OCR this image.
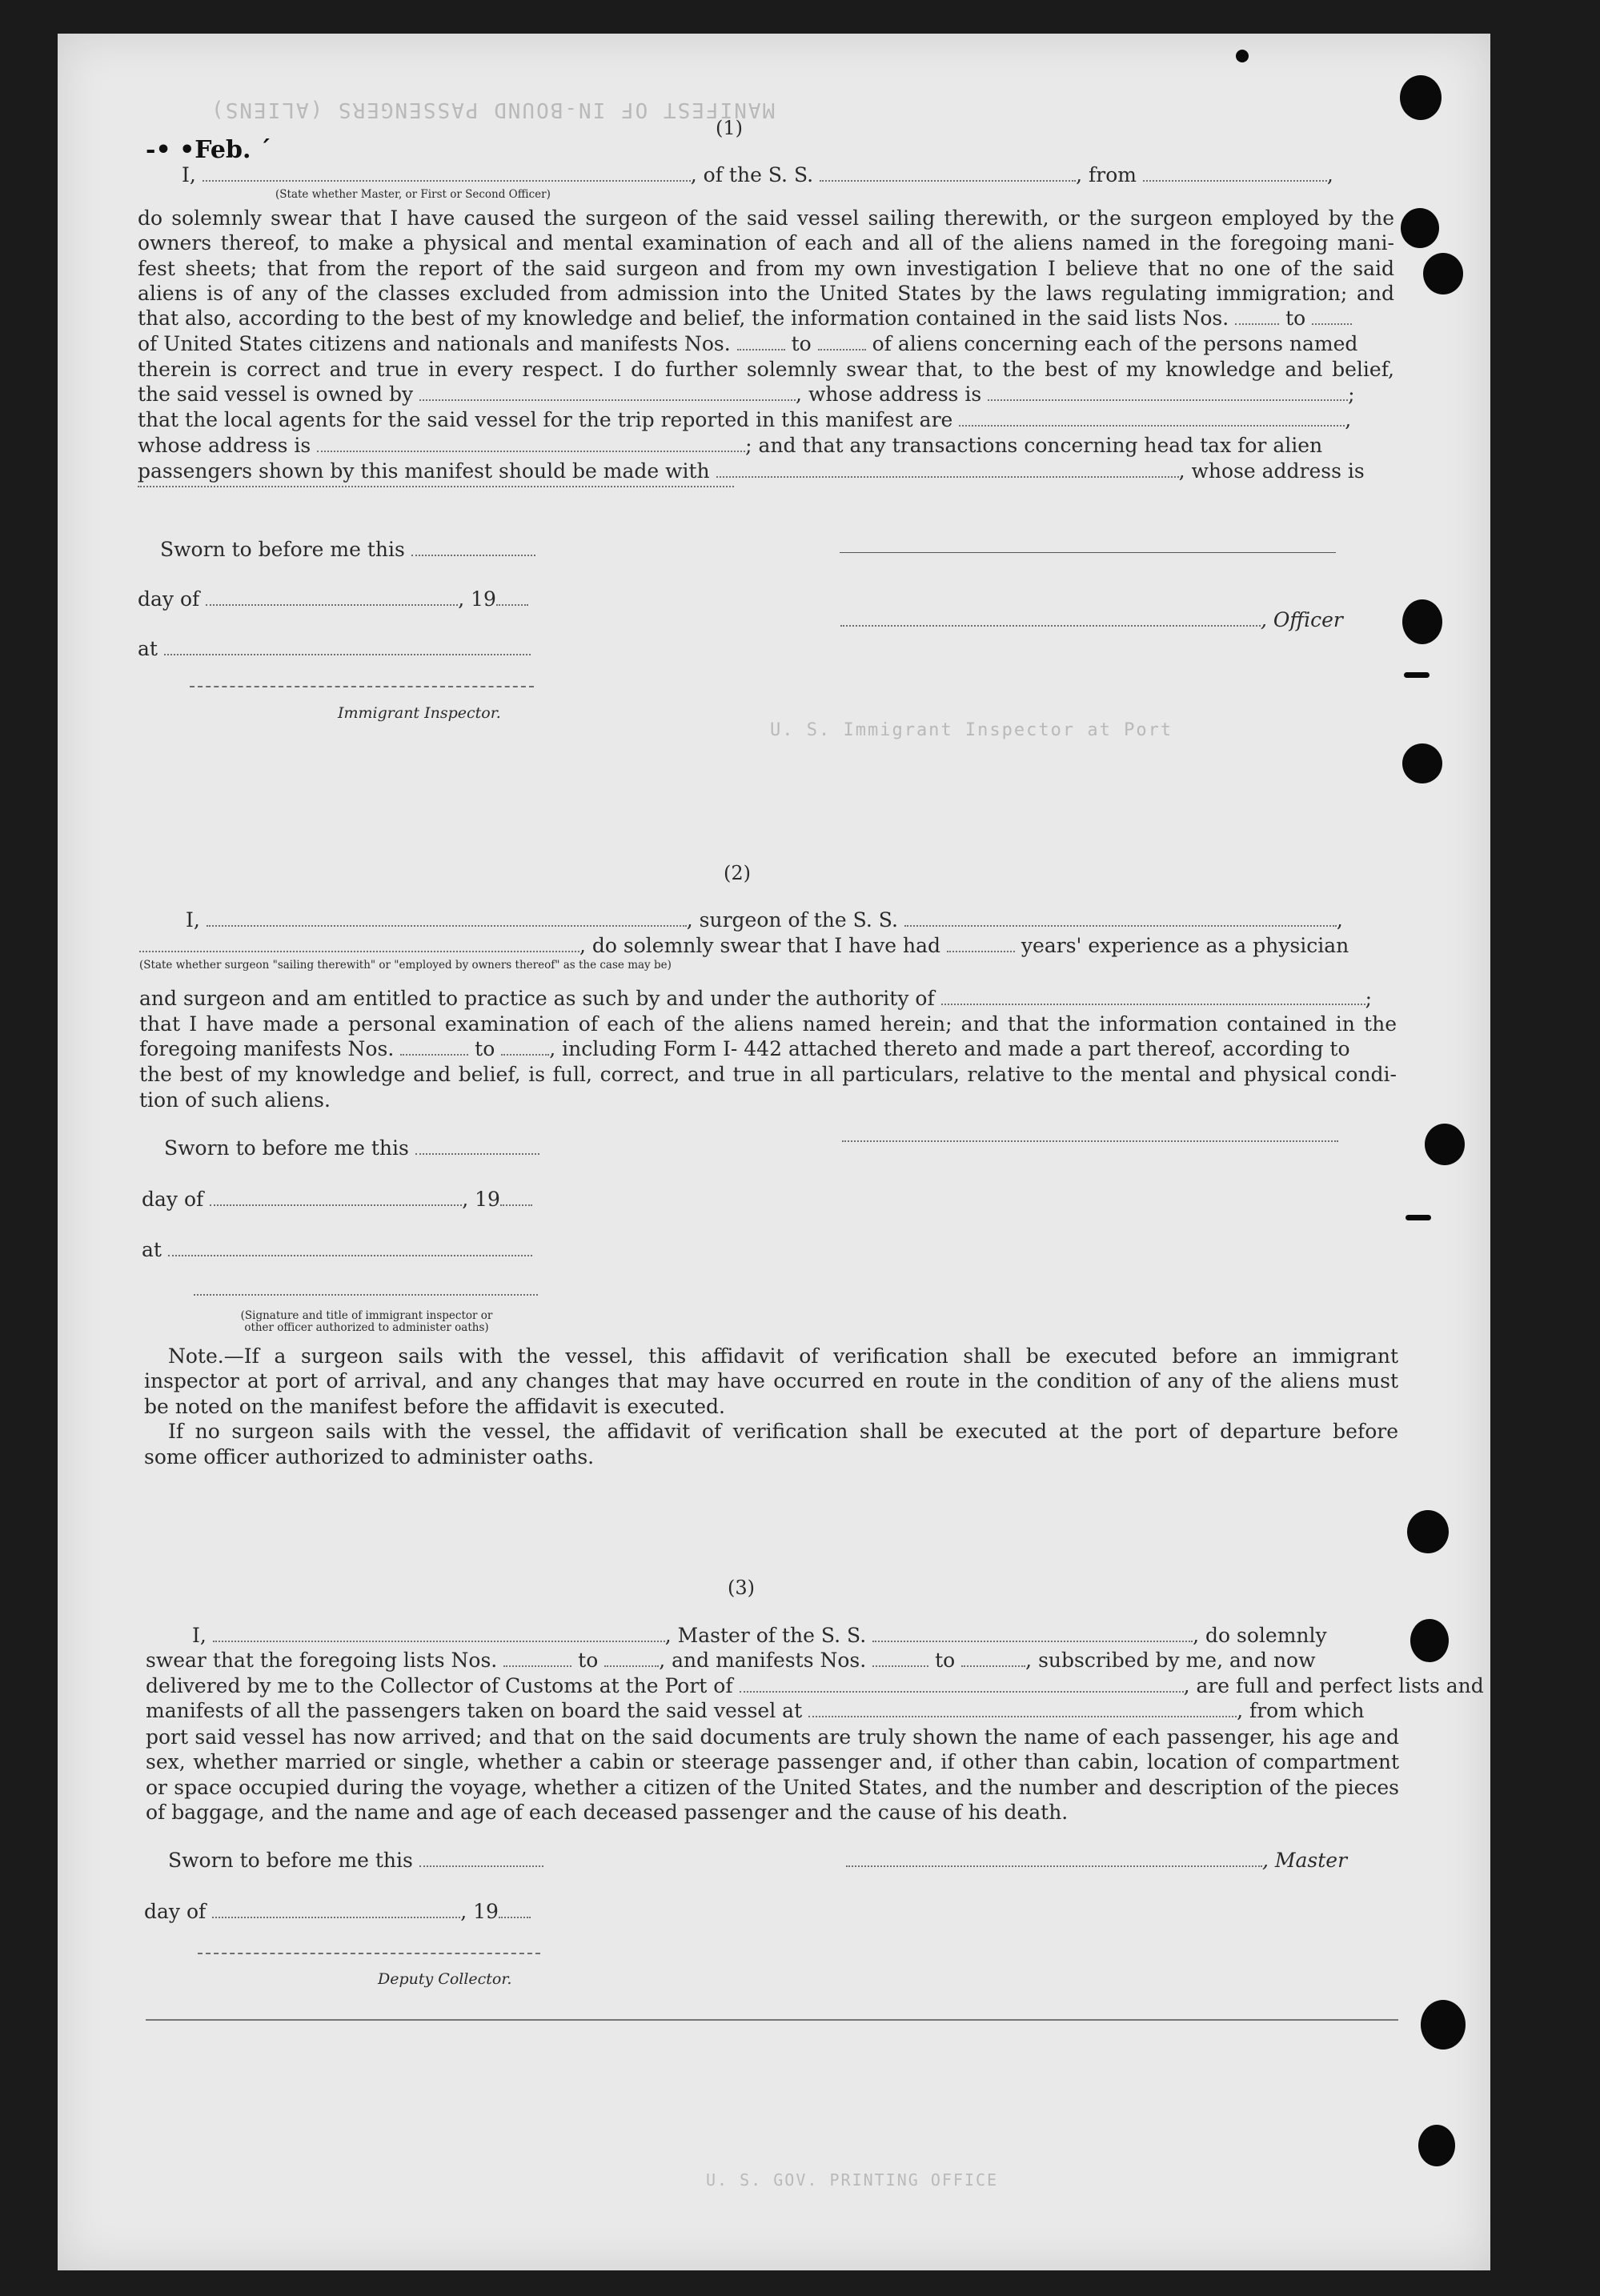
MANIFEST OF IN-BOUND PASSENGERS (ALIENS)
-• •Feb. ´
(1)
I,	, of the S. S.	, from	,
(State whether Master, or First or Second Officer)
do solemnly swear that I have caused the surgeon of the said vessel sailing therewith, or the surgeon employed by the
owners thereof, to make a physical and mental examination of each and all of the aliens named in the foregoing mani-
fest sheets; that from the report of the said surgeon and from my own investigation I believe that no one of the said
aliens is of any of the classes excluded from admission into the United States by the laws regulating immigration; and
that also, according to the best of my knowledge and belief, the information contained in the said lists Nos.	to
of United States citizens and nationals and manifests Nos.	to	of aliens concerning each of the persons named
therein is correct and true in every respect. I do further solemnly swear that, to the best of my knowledge and belief,
the said vessel is owned by	, whose address is	;
that the local agents for the said vessel for the trip reported in this manifest are	,
whose address is	; and that any transactions concerning head tax for alien
passengers shown by this manifest should be made with	, whose address is
Sworn to before me this
day of	, 19
, Officer
at
Immigrant Inspector.
U. S. Immigrant Inspector at Port
(2)
I,	, surgeon of the S. S.	,
, do solemnly swear that I have had	years' experience as a physician
(State whether surgeon "sailing therewith" or "employed by owners thereof" as the case may be)
and surgeon and am entitled to practice as such by and under the authority of	;
that I have made a personal examination of each of the aliens named herein; and that the information contained in the
foregoing manifests Nos.	to	, including Form I- 442 attached thereto and made a part thereof, according to
the best of my knowledge and belief, is full, correct, and true in all particulars, relative to the mental and physical condi-
tion of such aliens.
Sworn to before me this
day of	, 19
at
(Signature and title of immigrant inspector or
other officer authorized to administer oaths)
Note.—If a surgeon sails with the vessel, this affidavit of verification shall be executed before an immigrant
inspector at port of arrival, and any changes that may have occurred en route in the condition of any of the aliens must
be noted on the manifest before the affidavit is executed.
If no surgeon sails with the vessel, the affidavit of verification shall be executed at the port of departure before
some officer authorized to administer oaths.
(3)
I,	, Master of the S. S.	, do solemnly
swear that the foregoing lists Nos.	to	, and manifests Nos.	to	, subscribed by me, and now
delivered by me to the Collector of Customs at the Port of	, are full and perfect lists and
manifests of all the passengers taken on board the said vessel at	, from which
port said vessel has now arrived; and that on the said documents are truly shown the name of each passenger, his age and
sex, whether married or single, whether a cabin or steerage passenger and, if other than cabin, location of compartment
or space occupied during the voyage, whether a citizen of the United States, and the number and description of the pieces
of baggage, and the name and age of each deceased passenger and the cause of his death.
Sworn to before me this	, Master
day of	, 19
Deputy Collector.
U. S. GOV. PRINTING OFFICE
